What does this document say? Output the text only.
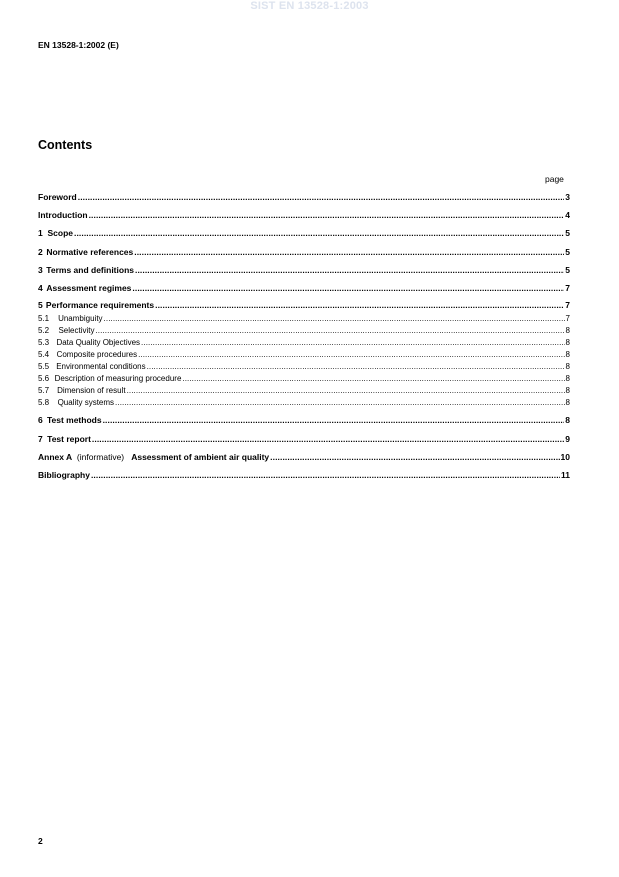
SIST EN 13528-1:2003
EN 13528-1:2002 (E)
Contents
page
Foreword .....	3
Introduction .....	4
1 Scope .....	5
2 Normative references .....	5
3 Terms and definitions .....	5
4 Assessment regimes .....	7
5 Performance requirements .....	7
5.1	Unambiguity .....	7
5.2	Selectivity .....	8
5.3 Data Quality Objectives .....	8
5.4 Composite procedures .....	8
5.5 Environmental conditions .....	8
5.6 Description of measuring procedure .....	8
5.7 Dimension of result .....	8
5.8	Quality systems .....	8
6 Test methods .....	8
7 Test report .....	9
Annex A  (informative)   Assessment of ambient air quality .....	10
Bibliography .....	11
2
